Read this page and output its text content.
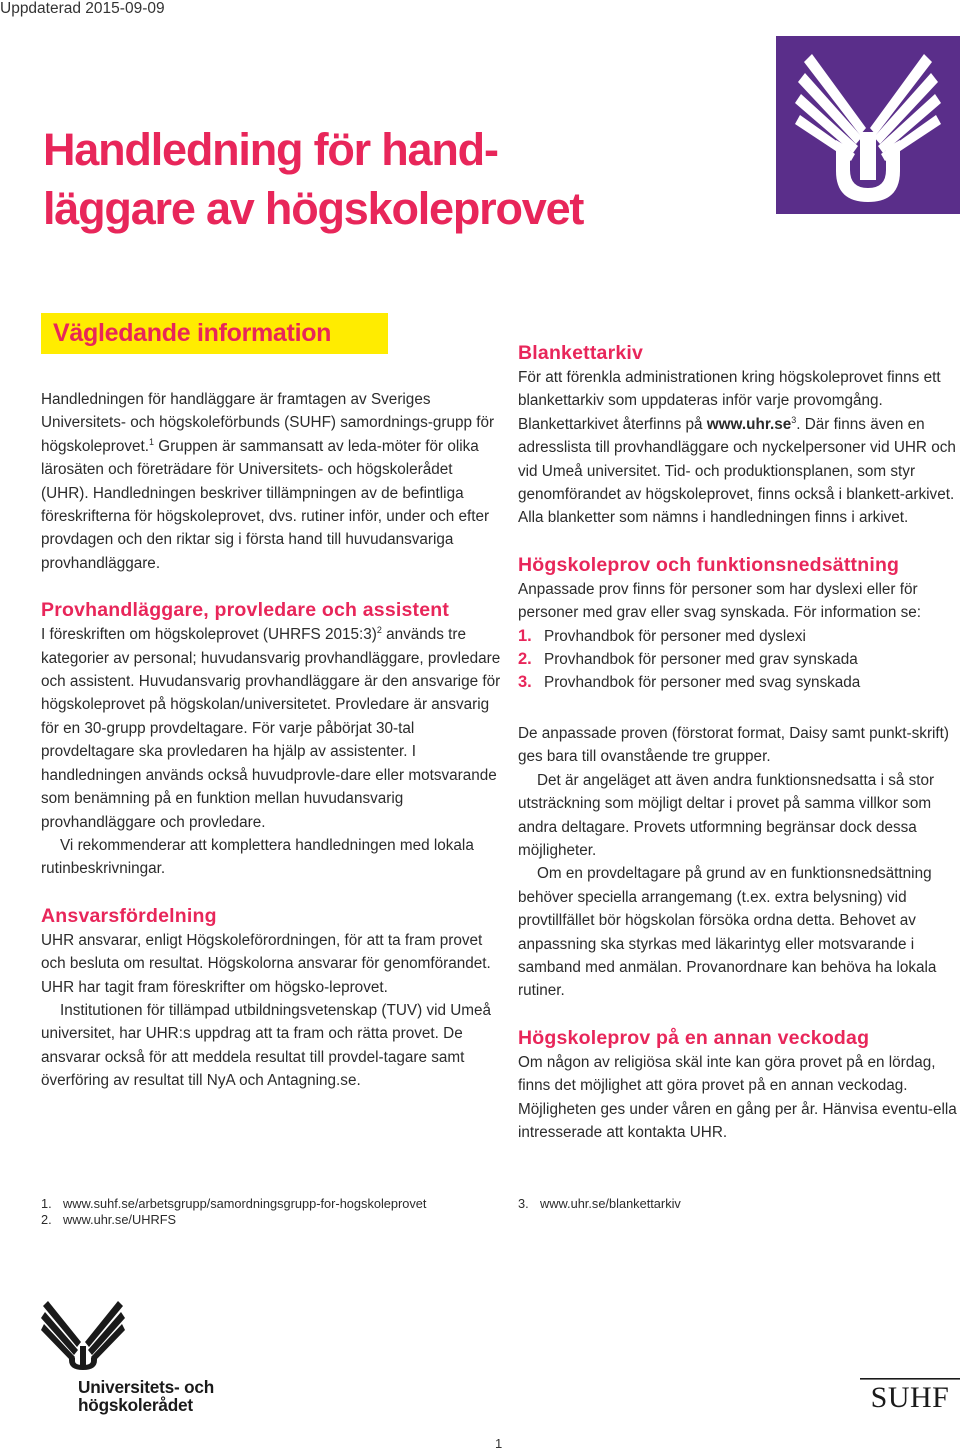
Uppdaterad 2015-09-09
Handledning för hand-
läggare av högskoleprovet
Vägledande information

Handledningen för handläggare är framtagen av Sveriges Universitets- och högskoleförbunds (SUHF) samordnings-grupp för högskoleprovet.$^1$ Gruppen är sammansatt av leda-möter för olika lärosäten och företrädare för Universitets- och högskolerådet (UHR). Handledningen beskriver tillämpningen av de befintliga föreskrifterna för högskoleprovet, dvs. rutiner inför, under och efter provdagen och den riktar sig i första hand till huvudansvariga provhandläggare.

Provhandläggare, provledare och assistent

I föreskriften om högskoleprovet (UHRFS 2015:3)$^2$ används tre kategorier av personal; huvudansvarig provhandläggare, provledare och assistent. Huvudansvarig provhandläggare är den ansvarige för högskoleprovet på högskolan/universitetet. Provledare är ansvarig för en 30-grupp provdeltagare. För varje påbörjat 30-tal provdeltagare ska provledaren ha hjälp av assistenter. I handledningen används också huvudprovle-dare eller motsvarande som benämning på en funktion mellan huvudansvarig provhandläggare och provledare.

Vi rekommenderar att komplettera handledningen med lokala rutinbeskrivningar.

Ansvarsfördelning

UHR ansvarar, enligt Högskoleförordningen, för att ta fram provet och besluta om resultat. Högskolorna ansvarar för genomförandet. UHR har tagit fram föreskrifter om högsko-leprovet.

Institutionen för tillämpad utbildningsvetenskap (TUV) vid Umeå universitet, har UHR:s uppdrag att ta fram och rätta provet. De ansvarar också för att meddela resultat till provdel-tagare samt överföring av resultat till NyA och Antagning.se.

Blankettarkiv

För att förenkla administrationen kring högskoleprovet finns ett blankettarkiv som uppdateras inför varje provomgång. Blankettarkivet återfinns på $www.uhr.se^3$. Där finns även en adresslista till provhandläggare och nyckelpersoner vid UHR och vid Umeå universitet. Tid- och produktionsplanen, som styr genomförandet av högskoleprovet, finns också i blankett-arkivet. Alla blanketter som nämns i handledningen finns i arkivet.

Högskoleprov och funktionsnedsättning

Anpassade prov finns för personer som har dyslexi eller för personer med grav eller svag synskada. För information se:

1. Provhandbok för personer med dyslexi
2. Provhandbok för personer med grav synskada
3. Provhandbok för personer med svag synskada

De anpassade proven (förstorat format, Daisy samt punkt-skrift) ges bara till ovanstående tre grupper.

Det är angeläget att även andra funktionsnedsatta i så stor utsträckning som möjligt deltar i provet på samma villkor som andra deltagare. Provets utformning begränsar dock dessa möjligheter.

Om en provdeltagare på grund av en funktionsnedsättning behöver speciella arrangemang (t.ex. extra belysning) vid provtillfället bör högskolan försöka ordna detta. Behovet av anpassning ska styrkas med läkarintyg eller motsvarande i samband med anmälan. Provanordnare kan behöva ha lokala rutiner.

Högskoleprov på en annan veckodag

Om någon av religiösa skäl inte kan göra provet på en lördag, finns det möjlighet att göra provet på en annan veckodag. Möjligheten ges under våren en gång per år. Hänvisa eventu-ella intresserade att kontakta UHR.

1. www.suhf.se/arbetsgrupp/samordningsgrupp-for-hogskoleprovet
2. www.uhr.se/UHRFS
3. www.uhr.se/blankettarkiv
Universitets- och
högskolerådet	SUHF
1
